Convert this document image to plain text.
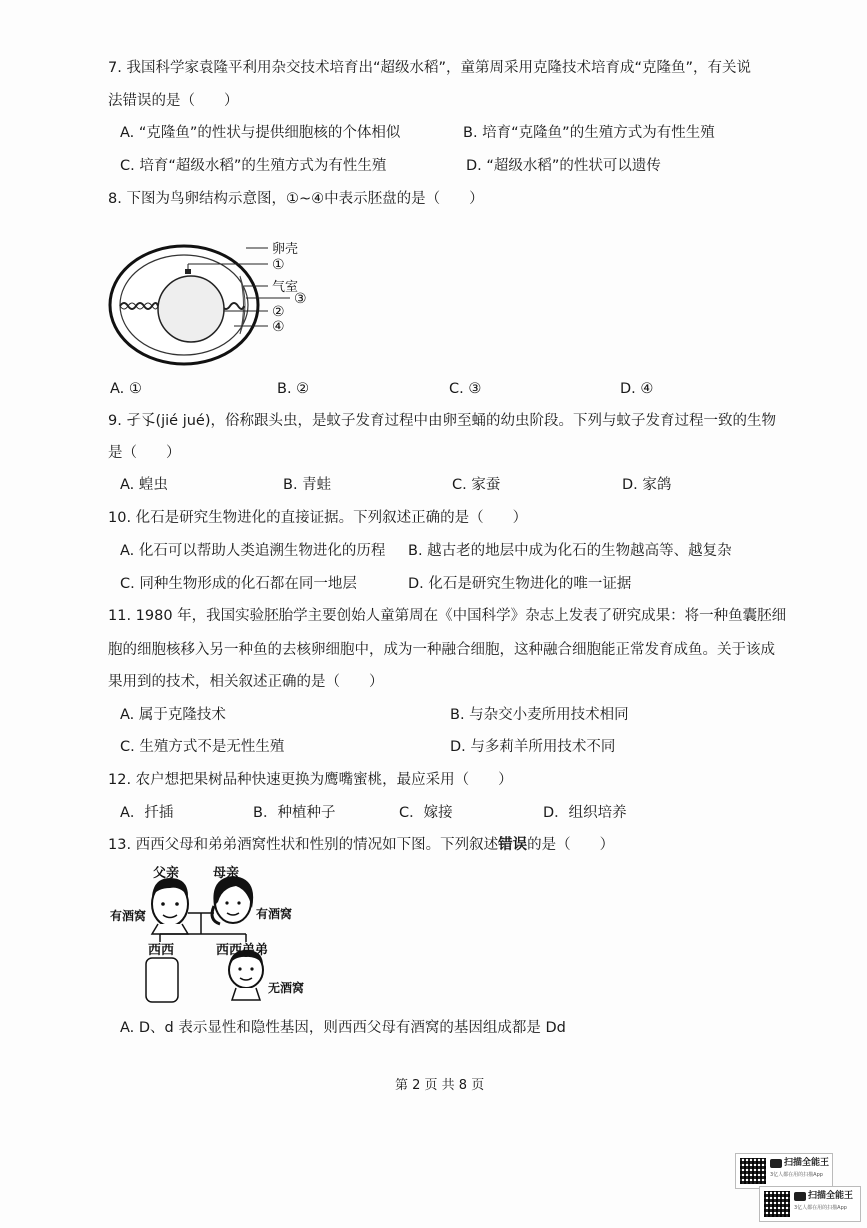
7. 我国科学家袁隆平利用杂交技术培育出“超级水稻”，童第周采用克隆技术培育成“克隆鱼”，有关说
法错误的是（　　）
A. “克隆鱼”的性状与提供细胞核的个体相似	B. 培育“克隆鱼”的生殖方式为有性生殖
C. 培育“超级水稻”的生殖方式为有性生殖	D. “超级水稻”的性状可以遗传
8. 下图为鸟卵结构示意图，①~④中表示胚盘的是（　　）
卵壳
①
气室
③
②
④
A. ①	B. ②	C. ③	D. ④
9. 孑孓(jié jué)，俗称跟头虫，是蚊子发育过程中由卵至蛹的幼虫阶段。下列与蚊子发育过程一致的生物
是（　　）
A. 蝗虫	B. 青蛙	C. 家蚕	D. 家鸽
10. 化石是研究生物进化的直接证据。下列叙述正确的是（　　）
A. 化石可以帮助人类追溯生物进化的历程 B. 越古老的地层中成为化石的生物越高等、越复杂
C. 同种生物形成的化石都在同一地层	D. 化石是研究生物进化的唯一证据
11. 1980 年，我国实验胚胎学主要创始人童第周在《中国科学》杂志上发表了研究成果：将一种鱼囊胚细
胞的细胞核移入另一种鱼的去核卵细胞中，成为一种融合细胞，这种融合细胞能正常发育成鱼。关于该成
果用到的技术，相关叙述正确的是（　　）
A. 属于克隆技术	B. 与杂交小麦所用技术相同
C. 生殖方式不是无性生殖	D. 与多莉羊所用技术不同
12. 农户想把果树品种快速更换为鹰嘴蜜桃，最应采用（　　）
A．扦插	B．种植种子	C．嫁接	D．组织培养
13. 西西父母和弟弟酒窝性状和性别的情况如下图。下列叙述错误的是（　　）
父亲	母亲
有酒窝	有酒窝
西西	西西弟弟
无酒窝
A. D、d 表示显性和隐性基因，则西西父母有酒窝的基因组成都是 Dd
第 2 页 共 8 页
扫描全能王
3亿人都在用的扫描App
扫描全能王
3亿人都在用的扫描App
